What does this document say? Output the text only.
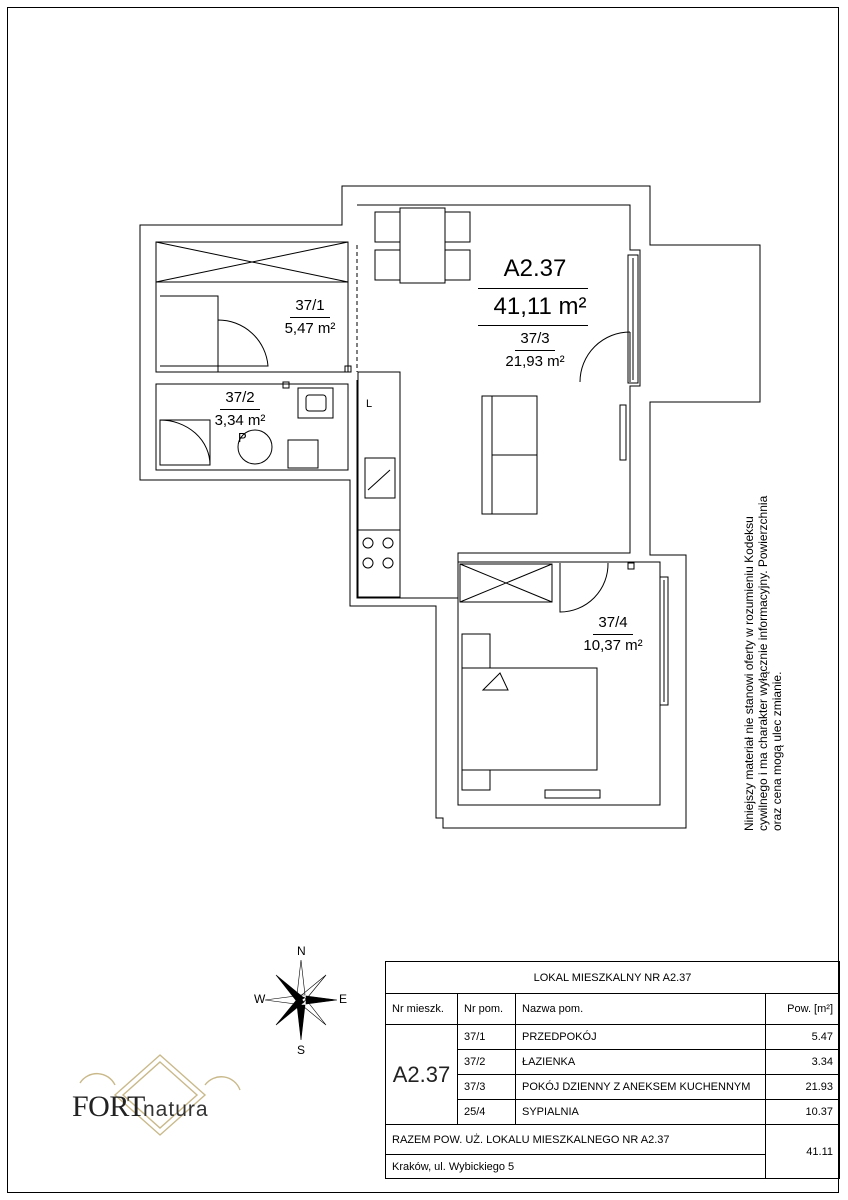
A2.37
41,11 m²
37/1
5,47 m²
37/2
3,34 m²
37/3
21,93 m²
37/4
10,37 m²
P
L
Niniejszy materiał nie stanowi oferty w rozumieniu Kodeksu cywilnego i ma charakter wyłącznie informacyjny. Powierzchnia oraz cena mogą ulec zmianie.
N
S
E
W
FORT
natura
LOKAL MIESZKALNY NR A2.37			
Nr mieszk.	Nr pom.	Nazwa pom.	Pow. [m²]
A2.37	37/1	PRZEDPOKÓJ	5.47
	37/2	ŁAZIENKA	3.34
	37/3	POKÓJ DZIENNY Z ANEKSEM KUCHENNYM	21.93
	25/4	SYPIALNIA	10.37
RAZEM POW. UŻ. LOKALU MIESZKALNEGO NR A2.37			41.11
Kraków, ul. Wybickiego 5			
